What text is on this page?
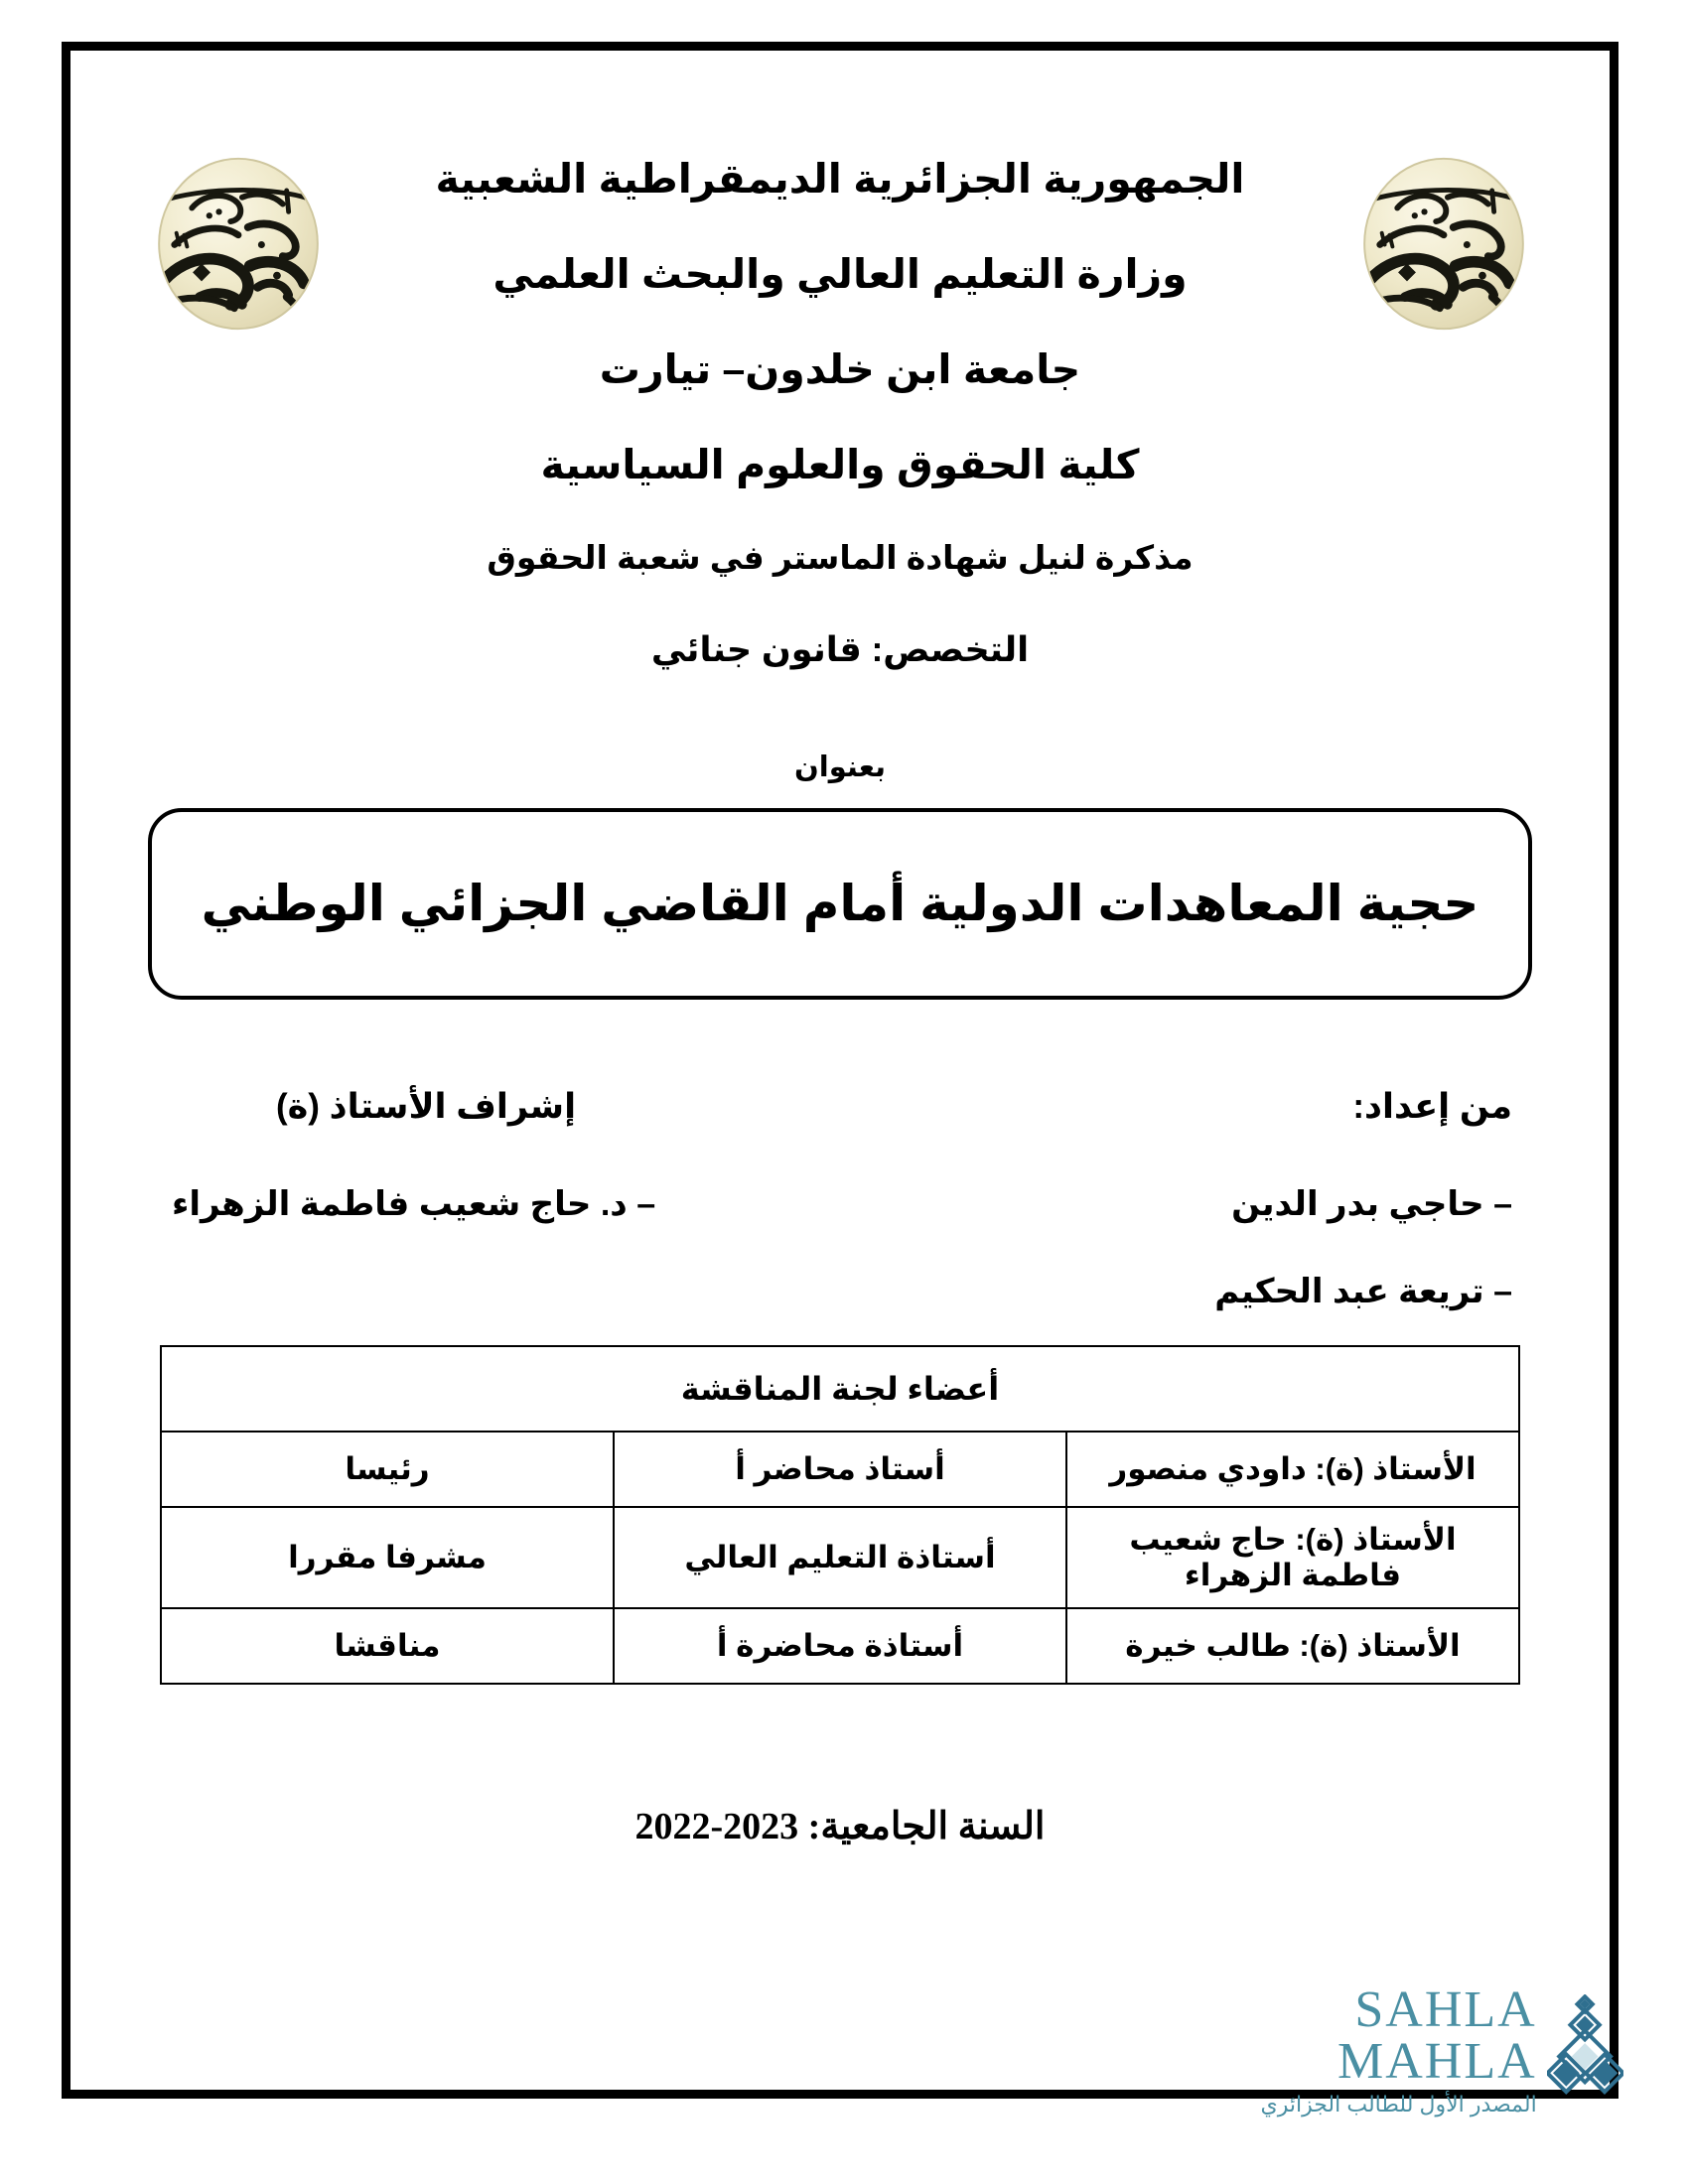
الجمهورية الجزائرية الديمقراطية الشعبية
وزارة التعليم العالي والبحث العلمي
جامعة ابن خلدون– تيارت
كلية الحقوق والعلوم السياسية
مذكرة لنيل شهادة الماستر في شعبة الحقوق
التخصص: قانون جنائي
بعنوان
حجية المعاهدات الدولية أمام القاضي الجزائي الوطني
من إعداد:
– حاجي بدر الدين
– تريعة عبد الحكيم
إشراف الأستاذ (ة)
– د. حاج شعيب فاطمة الزهراء
أعضاء لجنة المناقشة		
الأستاذ (ة): داودي منصور	أستاذ محاضر أ	رئيسا
الأستاذ (ة): حاج شعيب فاطمة الزهراء	أستاذة التعليم العالي	مشرفا مقررا
الأستاذ (ة): طالب خيرة	أستاذة محاضرة أ	مناقشا
السنة الجامعية: 2022-2023
SAHLA MAHLA
المصدر الأول للطالب الجزائري
